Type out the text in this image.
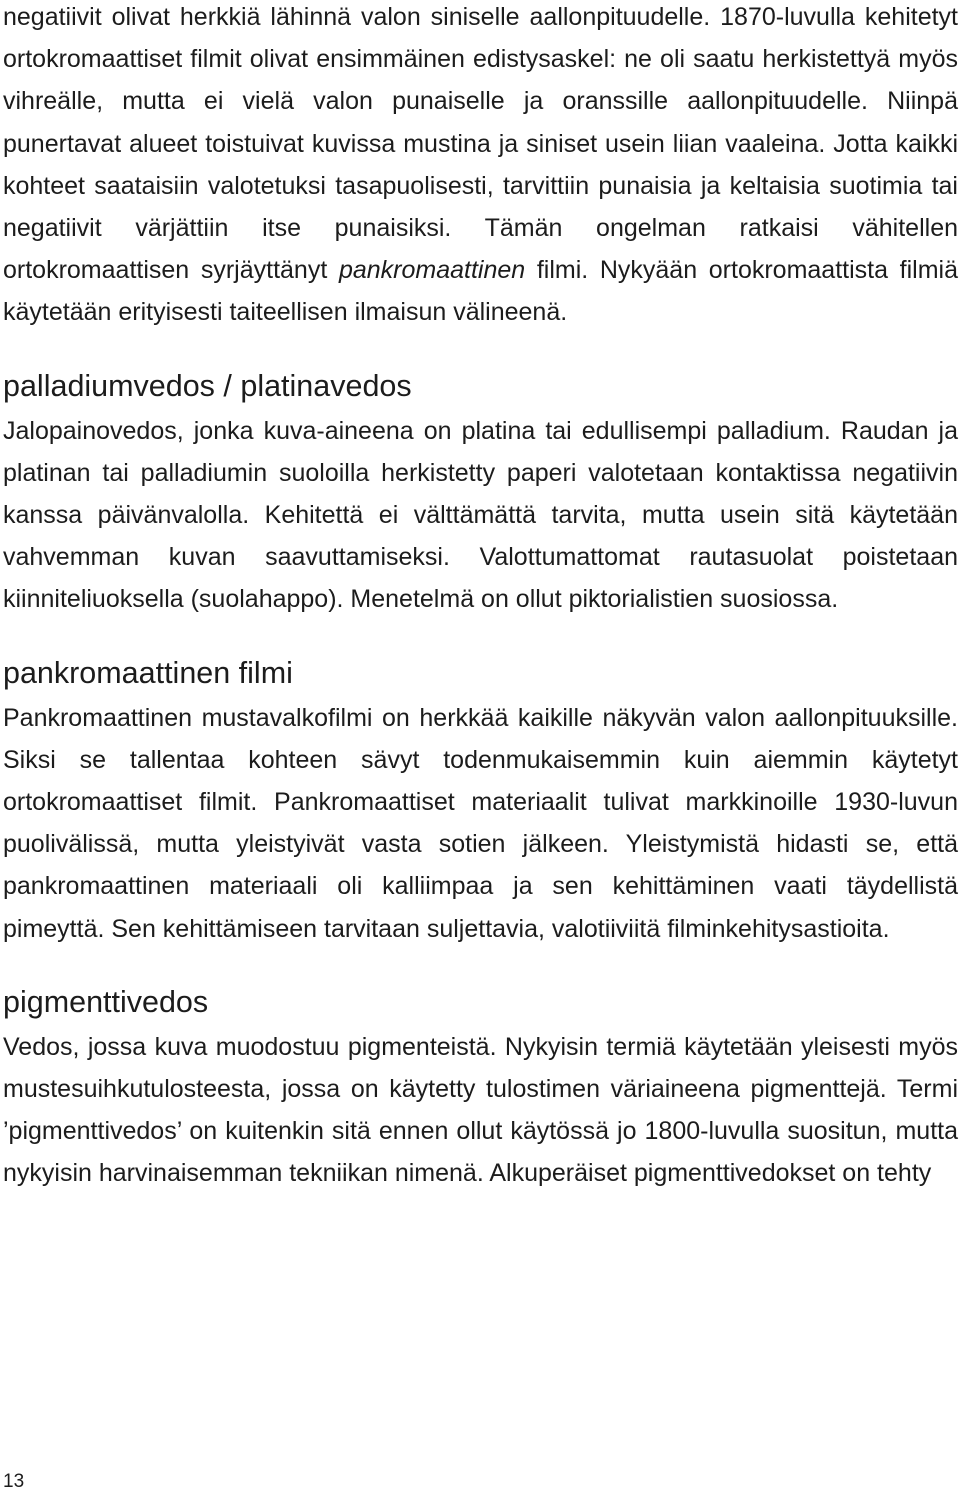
negatiivit olivat herkkiä lähinnä valon siniselle aallonpituudelle. 1870-luvulla kehitetyt ortokromaattiset filmit olivat ensimmäinen edistysaskel: ne oli saatu herkistettyä myös vihreälle, mutta ei vielä valon punaiselle ja oranssille aallonpituudelle. Niinpä punertavat alueet toistuivat kuvissa mustina ja siniset usein liian vaaleina. Jotta kaikki kohteet saataisiin valotetuksi tasapuolisesti, tarvittiin punaisia ja keltaisia suotimia tai negatiivit värjättiin itse punaisiksi. Tämän ongelman ratkaisi vähitellen ortokromaattisen syrjäyttänyt pankromaattinen filmi. Nykyään ortokromaattista filmiä käytetään erityisesti taiteellisen ilmaisun välineenä.

palladiumvedos / platinavedos

Jalopainovedos, jonka kuva-aineena on platina tai edullisempi palladium. Raudan ja platinan tai palladiumin suoloilla herkistetty paperi valotetaan kontaktissa negatiivin kanssa päivänvalolla. Kehitettä ei välttämättä tarvita, mutta usein sitä käytetään vahvemman kuvan saavuttamiseksi. Valottumattomat rautasuolat poistetaan kiinniteliuoksella (suolahappo). Menetelmä on ollut piktorialistien suosiossa.

pankromaattinen filmi

Pankromaattinen mustavalkofilmi on herkkää kaikille näkyvän valon aallonpituuksille. Siksi se tallentaa kohteen sävyt todenmukaisemmin kuin aiemmin käytetyt ortokromaattiset filmit. Pankromaattiset materiaalit tulivat markkinoille 1930-luvun puolivälissä, mutta yleistyivät vasta sotien jälkeen. Yleistymistä hidasti se, että pankromaattinen materiaali oli kalliimpaa ja sen kehittäminen vaati täydellistä pimeyttä. Sen kehittämiseen tarvitaan suljettavia, valotiiviitä filminkehitysastioita.

pigmenttivedos

Vedos, jossa kuva muodostuu pigmenteistä. Nykyisin termiä käytetään yleisesti myös mustesuihkutulosteesta, jossa on käytetty tulostimen väriaineena pigmenttejä. Termi ’pigmenttivedos’ on kuitenkin sitä ennen ollut käytössä jo 1800-luvulla suositun, mutta nykyisin harvinaisemman tekniikan nimenä. Alkuperäiset pigmenttivedokset on tehty

13
